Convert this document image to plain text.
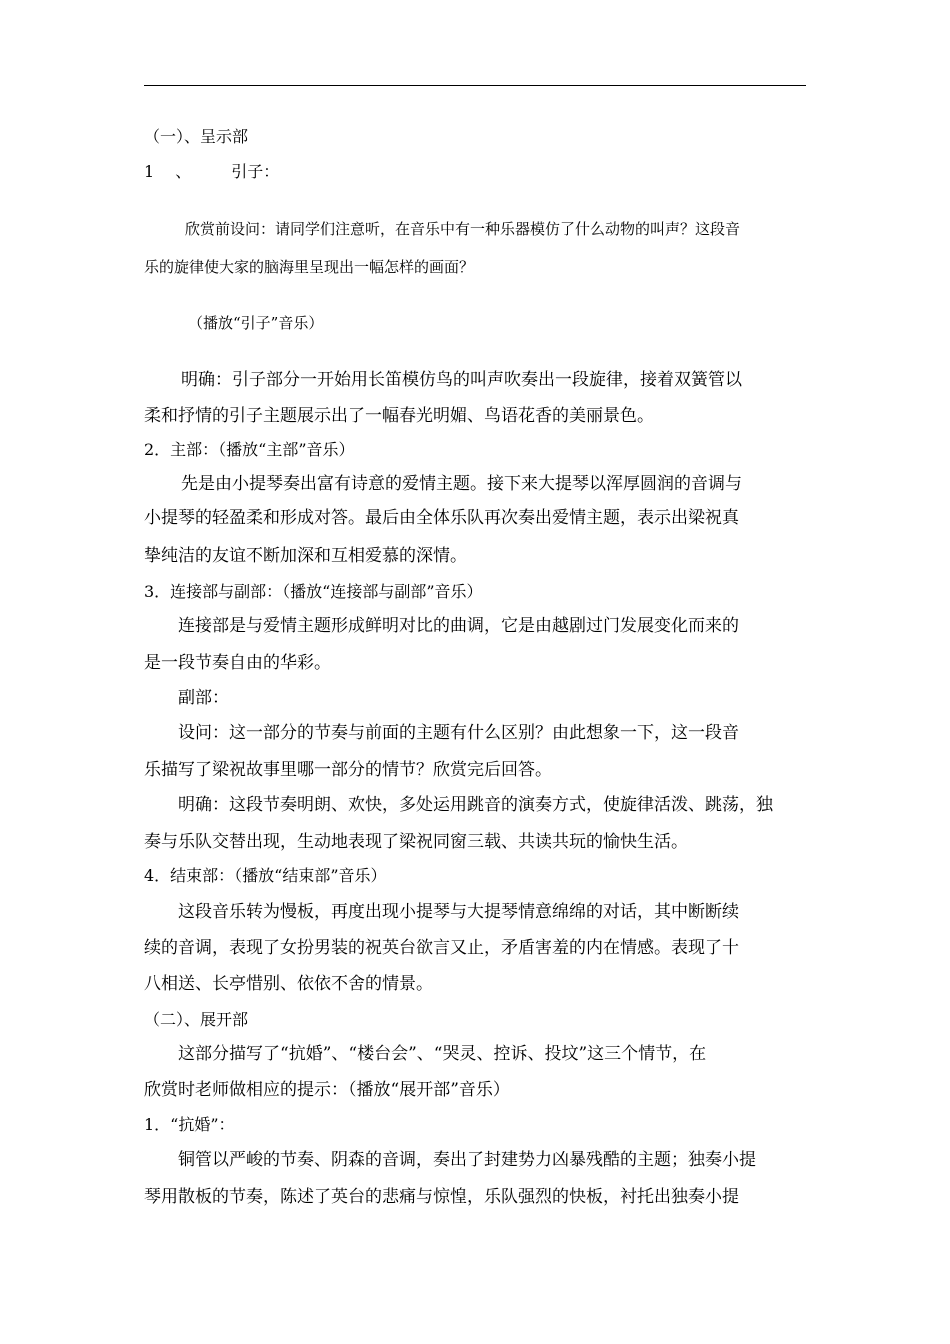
（一）、呈示部
1　 、　　　引子：
欣赏前设问：请同学们注意听，在音乐中有一种乐器模仿了什么动物的叫声？这段音
乐的旋律使大家的脑海里呈现出一幅怎样的画面？
（播放“引子”音乐）
明确：引子部分一开始用长笛模仿鸟的叫声吹奏出一段旋律，接着双簧管以
柔和抒情的引子主题展示出了一幅春光明媚、鸟语花香的美丽景色。
2．主部：（播放“主部”音乐）
先是由小提琴奏出富有诗意的爱情主题。接下来大提琴以浑厚圆润的音调与
小提琴的轻盈柔和形成对答。最后由全体乐队再次奏出爱情主题，表示出梁祝真
挚纯洁的友谊不断加深和互相爱慕的深情。
3．连接部与副部：（播放“连接部与副部”音乐）
连接部是与爱情主题形成鲜明对比的曲调，它是由越剧过门发展变化而来的
是一段节奏自由的华彩。
副部：
设问：这一部分的节奏与前面的主题有什么区别？由此想象一下，这一段音
乐描写了梁祝故事里哪一部分的情节？欣赏完后回答。
明确：这段节奏明朗、欢快，多处运用跳音的演奏方式，使旋律活泼、跳荡，独
奏与乐队交替出现，生动地表现了梁祝同窗三载、共读共玩的愉快生活。
4．结束部：（播放“结束部”音乐）
这段音乐转为慢板，再度出现小提琴与大提琴情意绵绵的对话，其中断断续
续的音调，表现了女扮男装的祝英台欲言又止，矛盾害羞的内在情感。表现了十
八相送、长亭惜别、依依不舍的情景。
（二）、展开部
这部分描写了“抗婚”、“楼台会”、“哭灵、控诉、投坟”这三个情节，在
欣赏时老师做相应的提示：（播放“展开部”音乐）
1．“抗婚”：
铜管以严峻的节奏、阴森的音调，奏出了封建势力凶暴残酷的主题；独奏小提
琴用散板的节奏，陈述了英台的悲痛与惊惶，乐队强烈的快板，衬托出独奏小提
